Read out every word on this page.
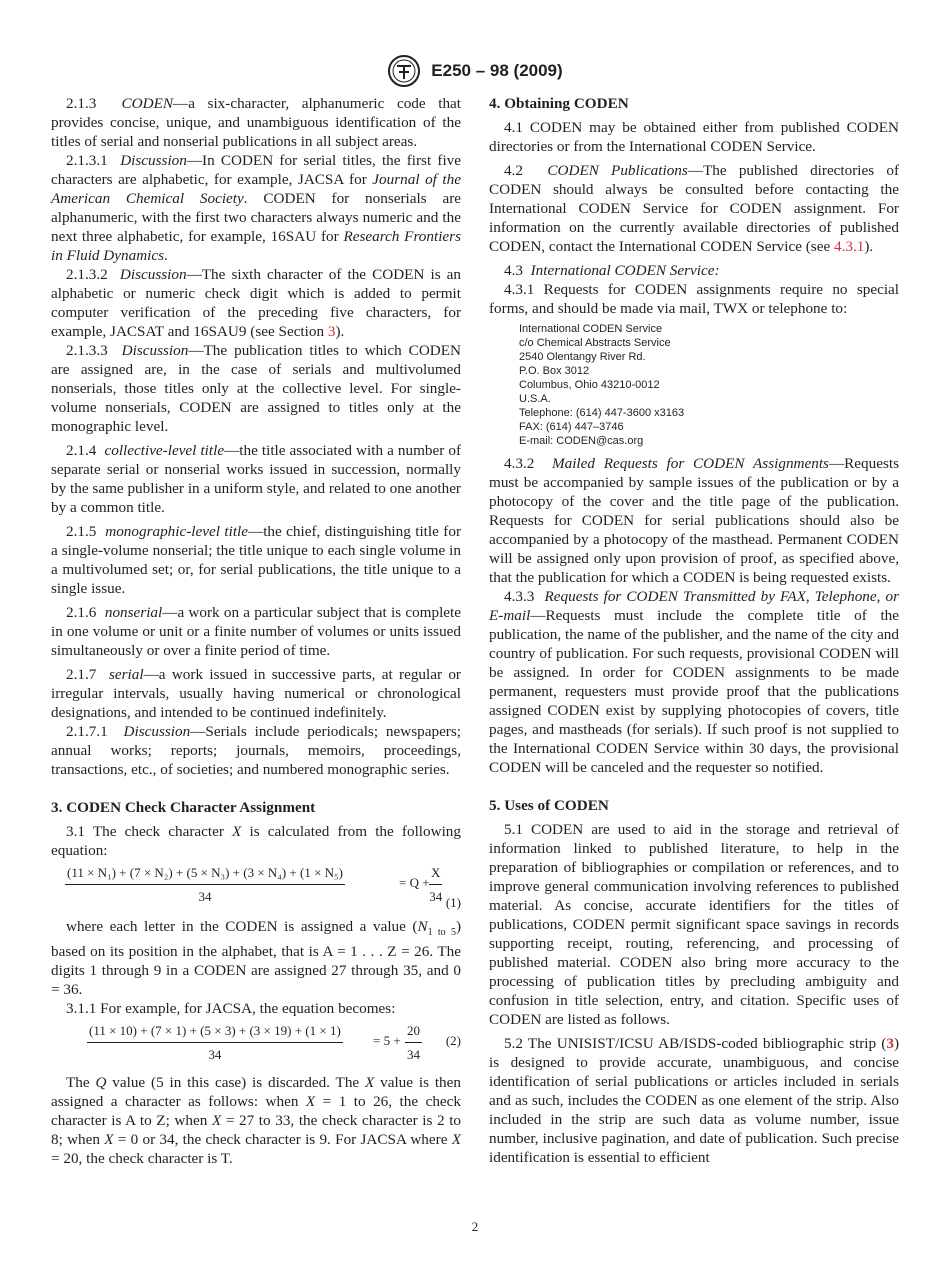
E250 – 98 (2009)

2.1.3 CODEN—a six-character, alphanumeric code that provides concise, unique, and unambiguous identification of the titles of serial and nonserial publications in all subject areas.

2.1.3.1 Discussion—In CODEN for serial titles, the first five characters are alphabetic, for example, JACSA for Journal of the American Chemical Society. CODEN for nonserials are alphanumeric, with the first two characters always numeric and the next three alphabetic, for example, 16SAU for Research Frontiers in Fluid Dynamics.

2.1.3.2 Discussion—The sixth character of the CODEN is an alphabetic or numeric check digit which is added to permit computer verification of the preceding five characters, for example, JACSAT and 16SAU9 (see Section 3).

2.1.3.3 Discussion—The publication titles to which CODEN are assigned are, in the case of serials and multivolumed nonserials, those titles only at the collective level. For single-volume nonserials, CODEN are assigned to titles only at the monographic level.

2.1.4 collective-level title—the title associated with a number of separate serial or nonserial works issued in succession, normally by the same publisher in a uniform style, and related to one another by a common title.

2.1.5 monographic-level title—the chief, distinguishing title for a single-volume nonserial; the title unique to each single volume in a multivolumed set; or, for serial publications, the title unique to a single issue.

2.1.6 nonserial—a work on a particular subject that is complete in one volume or unit or a finite number of volumes or units issued simultaneously or over a finite period of time.

2.1.7 serial—a work issued in successive parts, at regular or irregular intervals, usually having numerical or chronological designations, and intended to be continued indefinitely.

2.1.7.1 Discussion—Serials include periodicals; newspapers; annual works; reports; journals, memoirs, proceedings, transactions, etc., of societies; and numbered monographic series.

3. CODEN Check Character Assignment

3.1 The check character X is calculated from the following equation:

$\frac{\text{(11 × N₁) + (7 × N₂) + (5 × N₃) + (3 × N₄) + (1 × N₅)}}{34}$	= $Q + \frac{X}{34} (1)$

where each letter in the CODEN is assigned a value $(N_{1 to 5})$ based on its position in the alphabet, that is A = 1 . . . Z = 26. The digits 1 through 9 in a CODEN are assigned 27 through 35, and 0 = 36.

3.1.1 For example, for JACSA, the equation becomes:

$\frac{(11 \times 10) + (7 \times 1) + (5 \times 3) + (3 \times 19) + (1 \times 1)}{34} = 5 + \frac{20}{34} (2)$

The Q value (5 in this case) is discarded. The X value is then assigned a character as follows: when X = 1 to 26, the check character is A to Z; when X = 27 to 33, the check character is 2 to 8; when X = 0 or 34, the check character is 9. For JACSA where X = 20, the check character is T.

4. Obtaining CODEN

4.1 CODEN may be obtained either from published CODEN directories or from the International CODEN Service.

4.2 CODEN Publications—The published directories of CODEN should always be consulted before contacting the International CODEN Service for CODEN assignment. For information on the currently available directories of published CODEN, contact the International CODEN Service (see 4.3.1).

4.3 International CODEN Service:

4.3.1 Requests for CODEN assignments require no special forms, and should be made via mail, TWX or telephone to:

International CODEN Service
c/o Chemical Abstracts Service
2540 Olentangy River Rd.
P.O. Box 3012
Columbus, Ohio 43210-0012
U.S.A.
Telephone: (614) 447-3600 x3163
FAX: (614) 447–3746
E-mail: CODEN@cas.org

4.3.2 Mailed Requests for CODEN Assignments—Requests must be accompanied by sample issues of the publication or by a photocopy of the cover and the title page of the publication. Requests for CODEN for serial publications should also be accompanied by a photocopy of the masthead. Permanent CODEN will be assigned only upon provision of proof, as specified above, that the publication for which a CODEN is being requested exists.

4.3.3 Requests for CODEN Transmitted by FAX, Telephone, or E-mail—Requests must include the complete title of the publication, the name of the publisher, and the name of the city and country of publication. For such requests, provisional CODEN will be assigned. In order for CODEN assignments to be made permanent, requesters must provide proof that the publications assigned CODEN exist by supplying photocopies of covers, title pages, and mastheads (for serials). If such proof is not supplied to the International CODEN Service within 30 days, the provisional CODEN will be canceled and the requester so notified.

5. Uses of CODEN

5.1 CODEN are used to aid in the storage and retrieval of information linked to published literature, to help in the preparation of bibliographies or compilation or references, and to improve general communication involving references to published material. As concise, accurate identifiers for the titles of publications, CODEN permit significant space savings in records supporting receipt, routing, referencing, and processing of published material. CODEN also bring more accuracy to the processing of publication titles by precluding ambiguity and confusion in title selection, entry, and citation. Specific uses of CODEN are listed as follows.

5.2 The UNISIST/ICSU AB/ISDS-coded bibliographic strip (3) is designed to provide accurate, unambiguous, and concise identification of serial publications or articles included in serials and as such, includes the CODEN as one element of the strip. Also included in the strip are such data as volume number, issue number, inclusive pagination, and date of publication. Such precise identification is essential to efficient

2
